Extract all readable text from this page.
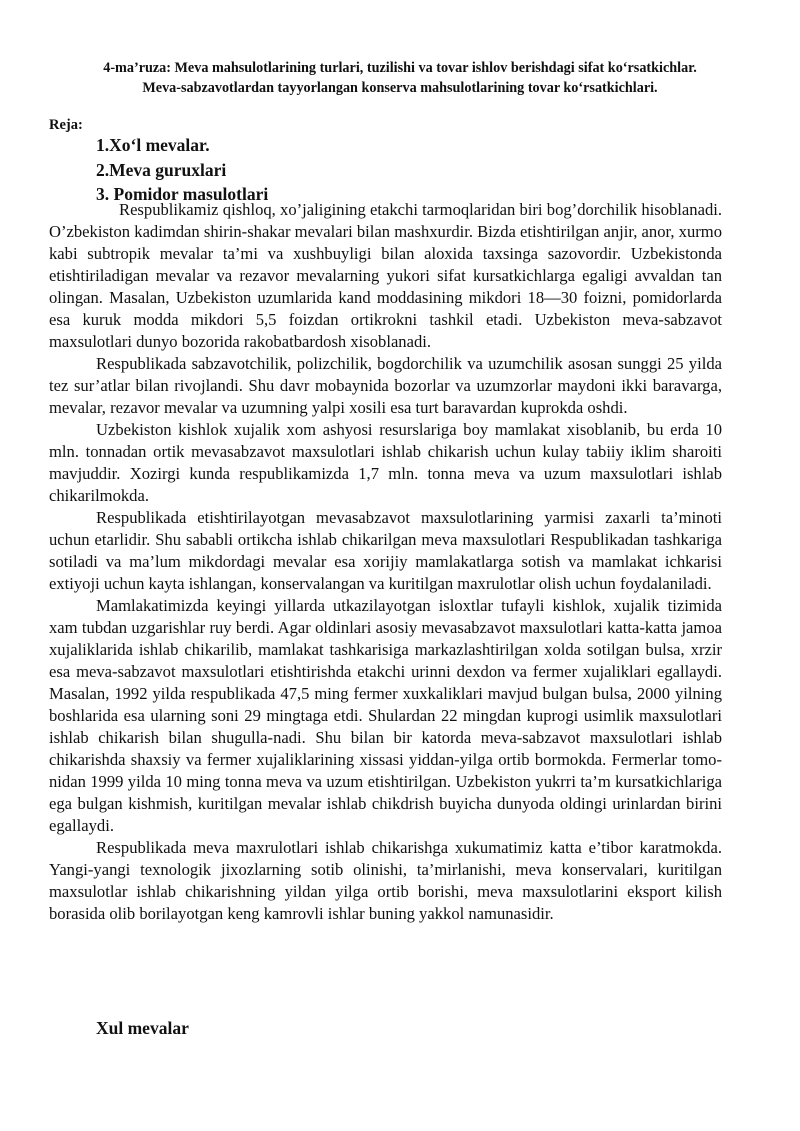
4-ma’ruza: Meva mahsulotlarining turlari, tuzilishi va tovar ishlov berishdagi sifat ko‘rsatkichlar. Meva-sabzavotlardan tayyorlangan konserva mahsulotlarining tovar ko‘rsatkichlari.
Reja:
1.Xo‘l mevalar.
2.Meva guruxlari
3. Pomidor masulotlari

Respublikamiz qishloq, xo’jaligining etakchi tarmoqlaridan biri bog’dorchilik hisoblanadi. O’zbekiston kadimdan shirin-shakar mevalari bilan mashxurdir. Bizda etishtirilgan anjir, anor, xurmo kabi subtropik mevalar ta’mi va xushbuyligi bilan aloxida taxsinga sazovordir. Uzbekistonda etishtiriladigan mevalar va rezavor mevalarning yukori sifat kursatkichlarga egaligi avvaldan tan olingan. Masalan, Uzbekiston uzumlarida kand moddasining mikdori 18—30 foizni, pomidorlarda esa kuruk modda mikdori 5,5 foizdan ortikrokni tashkil etadi. Uzbekiston meva-sabzavot maxsulotlari dunyo bozorida rakobatbardosh xisoblanadi.

Respublikada sabzavotchilik, polizchilik, bogdorchilik va uzumchilik asosan sunggi 25 yilda tez sur’atlar bilan rivojlandi. Shu davr mobaynida bozorlar va uzumzorlar maydoni ikki baravarga, mevalar, rezavor mevalar va uzumning yalpi xosili esa turt baravardan kuprokda oshdi.

Uzbekiston kishlok xujalik xom ashyosi resurslariga boy mamlakat xisoblanib, bu erda 10 mln. tonnadan ortik mevasabzavot maxsulotlari ishlab chikarish uchun kulay tabiiy iklim sharoiti mavjuddir. Xozirgi kunda respublikamizda 1,7 mln. tonna meva va uzum maxsulotlari ishlab chikarilmokda.

Respublikada etishtirilayotgan mevasabzavot maxsulotlarining yarmisi zaxarli ta’minoti uchun etarlidir. Shu sababli ortikcha ishlab chikarilgan meva maxsulotlari Respublikadan tashkariga sotiladi va ma’lum mikdordagi mevalar esa xorijiy mamlakatlarga sotish va mamlakat ichkarisi extiyoji uchun kayta ishlangan, konservalangan va kuritilgan maxrulotlar olish uchun foydalaniladi.

Mamlakatimizda keyingi yillarda utkazilayotgan isloxtlar tufayli kishlok, xujalik tizimida xam tubdan uzgarishlar ruy berdi. Agar oldinlari asosiy mevasabzavot maxsulotlari katta-katta jamoa xujaliklarida ishlab chikarilib, mamlakat tashkarisiga markazlashtirilgan xolda sotilgan bulsa, xrzir esa meva-sabzavot maxsulotlari etishtirishda etakchi urinni dexdon va fermer xujaliklari egallaydi. Masalan, 1992 yilda respublikada 47,5 ming fermer xuxkaliklari mavjud bulgan bulsa, 2000 yilning boshlarida esa ularning soni 29 mingtaga etdi. Shulardan 22 mingdan kuprogi usimlik maxsulotlari ishlab chikarish bilan shugulla-nadi. Shu bilan bir katorda meva-sabzavot maxsulotlari ishlab chikarishda shaxsiy va fermer xujaliklarining xissasi yiddan-yilga ortib bormokda. Fermerlar tomo-nidan 1999 yilda 10 ming tonna meva va uzum etishtirilgan. Uzbekiston yukrri ta’m kursatkichlariga ega bulgan kishmish, kuritilgan mevalar ishlab chikdrish buyicha dunyoda oldingi urinlardan birini egallaydi.

Respublikada meva maxrulotlari ishlab chikarishga xukumatimiz katta e’tibor karatmokda. Yangi-yangi texnologik jixozlarning sotib olinishi, ta’mirlanishi, meva konservalari, kuritilgan maxsulotlar ishlab chikarishning yildan yilga ortib borishi, meva maxsulotlarini eksport kilish borasida olib borilayotgan keng kamrovli ishlar buning yakkol namunasidir.

Xul mevalar
